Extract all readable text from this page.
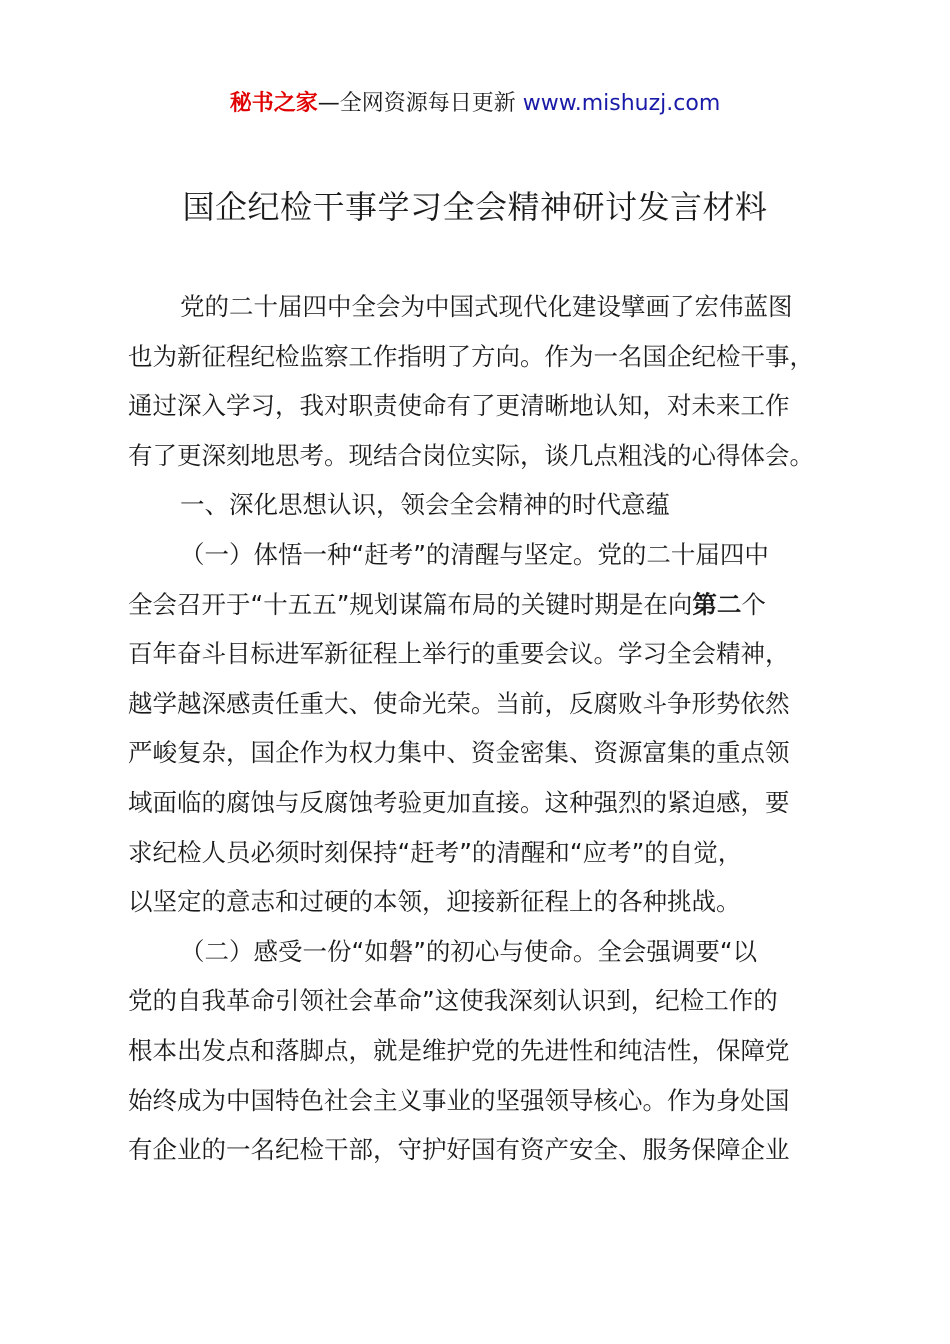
秘书之家—全网资源每日更新 www.mishuzj.com
国企纪检干事学习全会精神研讨发言材料
党的二十届四中全会为中国式现代化建设擘画了宏伟蓝图
也为新征程纪检监察工作指明了方向。作为一名国企纪检干事，
通过深入学习，我对职责使命有了更清晰地认知，对未来工作
有了更深刻地思考。现结合岗位实际，谈几点粗浅的心得体会。
一、深化思想认识，领会全会精神的时代意蕴
（一）体悟一种“赶考”的清醒与坚定。党的二十届四中
全会召开于“十五五”规划谋篇布局的关键时期是在向第二个
百年奋斗目标进军新征程上举行的重要会议。学习全会精神，
越学越深感责任重大、使命光荣。当前，反腐败斗争形势依然
严峻复杂，国企作为权力集中、资金密集、资源富集的重点领
域面临的腐蚀与反腐蚀考验更加直接。这种强烈的紧迫感，要
求纪检人员必须时刻保持“赶考”的清醒和“应考”的自觉，
以坚定的意志和过硬的本领，迎接新征程上的各种挑战。
（二）感受一份“如磐”的初心与使命。全会强调要“以
党的自我革命引领社会革命”这使我深刻认识到，纪检工作的
根本出发点和落脚点，就是维护党的先进性和纯洁性，保障党
始终成为中国特色社会主义事业的坚强领导核心。作为身处国
有企业的一名纪检干部，守护好国有资产安全、服务保障企业
